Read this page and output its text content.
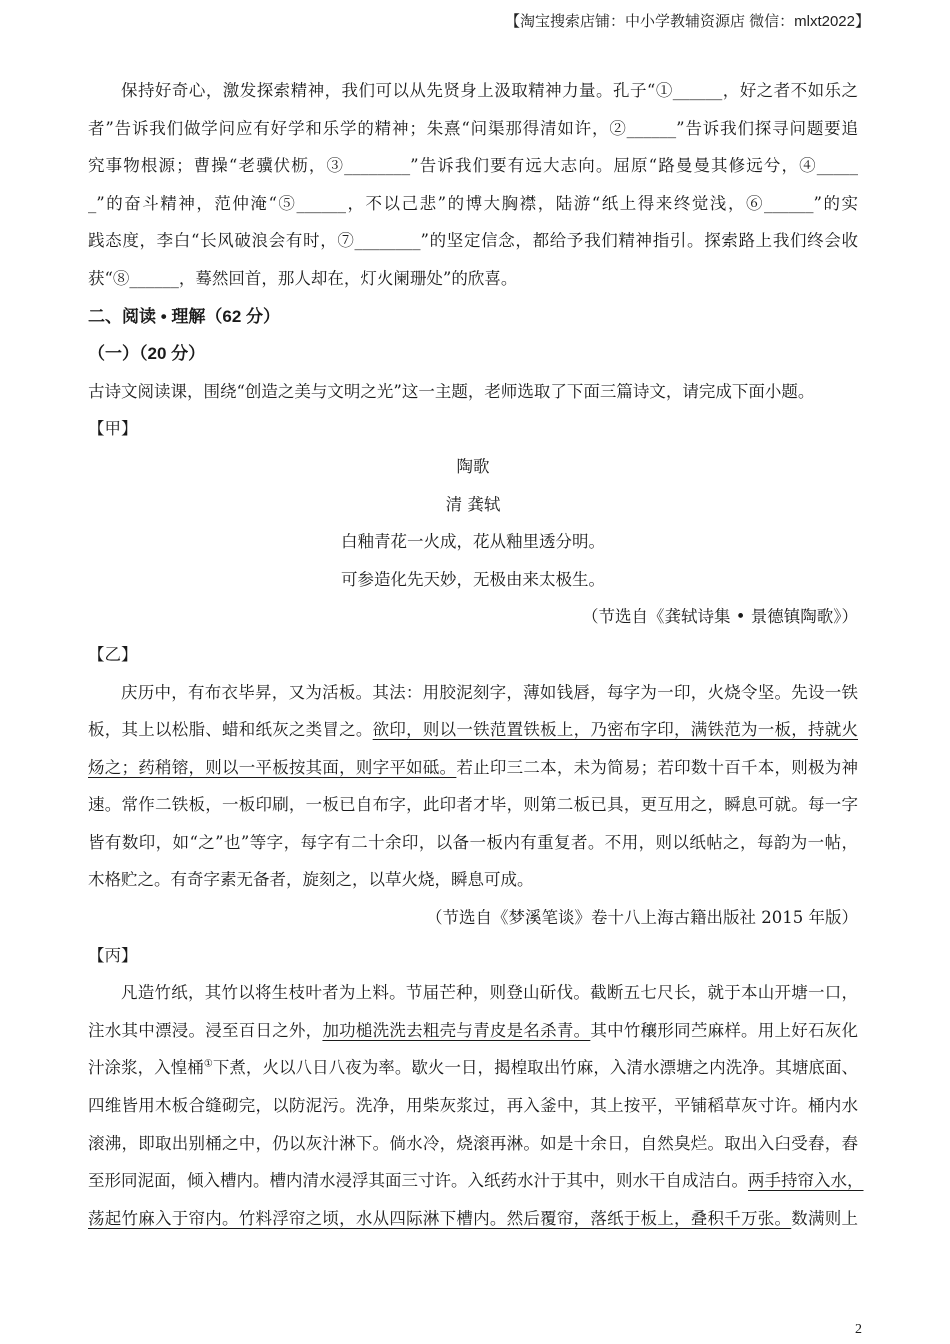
【淘宝搜索店铺：中小学教辅资源店 微信：mlxt2022】
保持好奇心，激发探索精神，我们可以从先贤身上汲取精神力量。孔子“①______，好之者不如乐之
者”告诉我们做学问应有好学和乐学的精神；朱熹“问渠那得清如许，②______”告诉我们探寻问题要追
究事物根源；曹操“老骥伏枥，③________”告诉我们要有远大志向。屈原“路曼曼其修远兮，④_____
_”的奋斗精神，范仲淹“⑤______，不以己悲”的博大胸襟，陆游“纸上得来终觉浅，⑥______”的实
践态度，李白“长风破浪会有时，⑦________”的坚定信念，都给予我们精神指引。探索路上我们终会收
获“⑧______，蓦然回首，那人却在，灯火阑珊处”的欣喜。
二、阅读 • 理解（62 分）
（一）（20 分）
古诗文阅读课，围绕“创造之美与文明之光”这一主题，老师选取了下面三篇诗文，请完成下面小题。
【甲】
陶歌
清 龚轼
白釉青花一火成，花从釉里透分明。
可参造化先天妙，无极由来太极生。
（节选自《龚轼诗集 • 景德镇陶歌》）
【乙】
庆历中，有布衣毕昇，又为活板。其法：用胶泥刻字，薄如钱唇，每字为一印，火烧令坚。先设一铁
板，其上以松脂、蜡和纸灰之类冒之。欲印，则以一铁范置铁板上，乃密布字印，满铁范为一板，持就火
炀之；药稍镕，则以一平板按其面，则字平如砥。若止印三二本，未为简易；若印数十百千本，则极为神
速。常作二铁板，一板印刷，一板已自布字，此印者才毕，则第二板已具，更互用之，瞬息可就。每一字
皆有数印，如“之”也”等字，每字有二十余印，以备一板内有重复者。不用，则以纸帖之，每韵为一帖，
木格贮之。有奇字素无备者，旋刻之，以草火烧，瞬息可成。
（节选自《梦溪笔谈》卷十八上海古籍出版社 2015 年版）
【丙】
凡造竹纸，其竹以将生枝叶者为上料。节届芒种，则登山斫伐。截断五七尺长，就于本山开塘一口，
注水其中漂浸。浸至百日之外，加功槌洗洗去粗壳与青皮是名杀青。其中竹穰形同苎麻样。用上好石灰化
汁涂浆，入惶桶①下煮，火以八日八夜为率。歇火一日，揭楻取出竹麻，入清水漂塘之内洗净。其塘底面、
四维皆用木板合缝砌完，以防泥污。洗净，用柴灰浆过，再入釜中，其上按平，平铺稻草灰寸许。桶内水
滚沸，即取出别桶之中，仍以灰汁淋下。倘水冷，烧滚再淋。如是十余日，自然臭烂。取出入臼受舂，舂
至形同泥面，倾入槽内。槽内清水浸浮其面三寸许。入纸药水汁于其中，则水干自成洁白。两手持帘入水，
荡起竹麻入于帘内。竹料浮帘之顷，水从四际淋下槽内。然后覆帘，落纸于板上，叠积千万张。数满则上
2
